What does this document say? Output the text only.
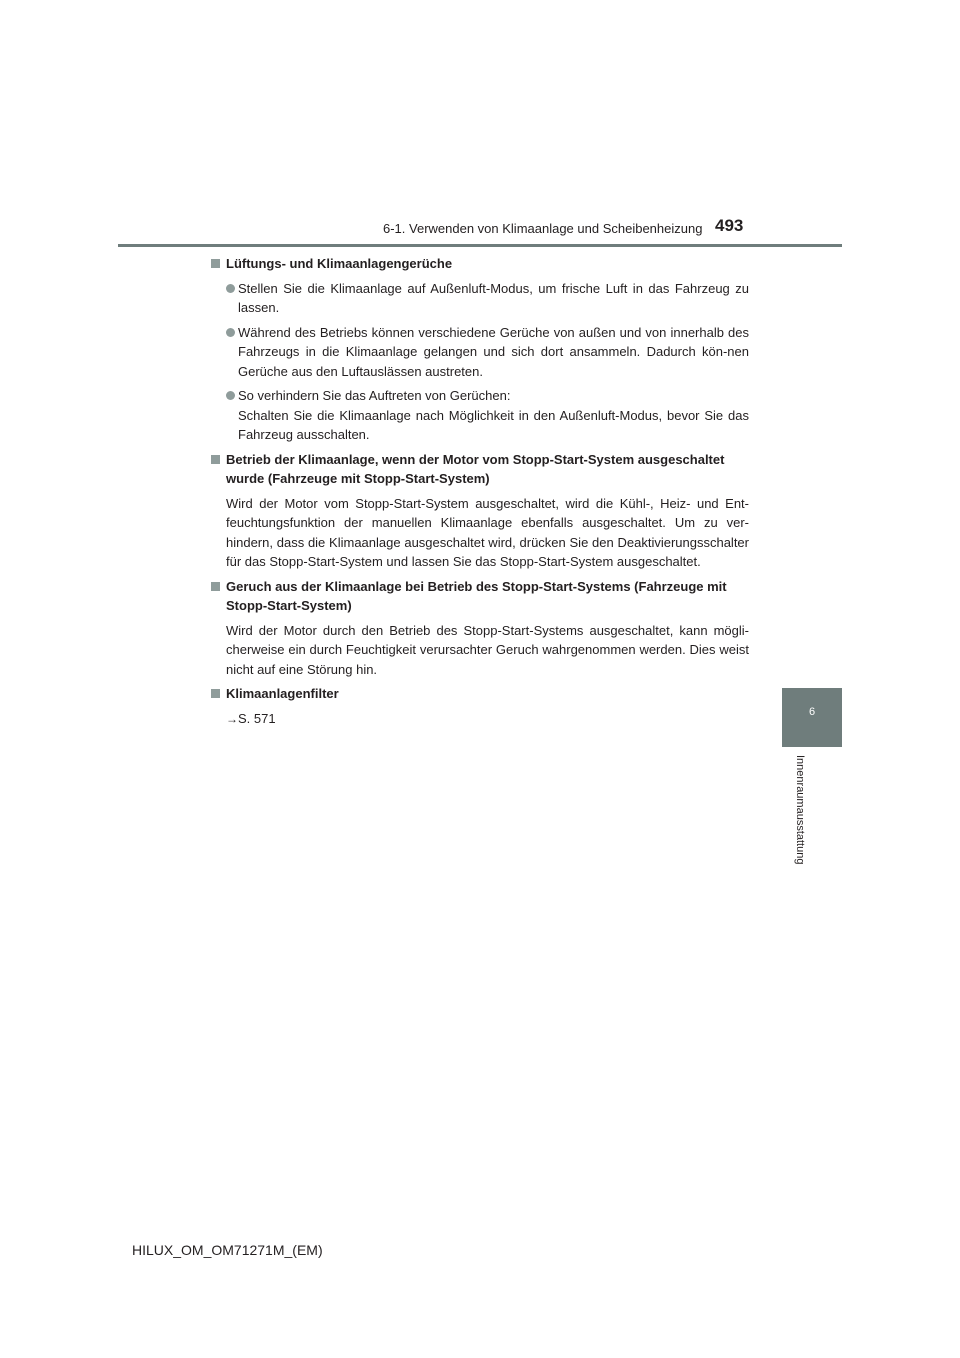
6-1. Verwenden von Klimaanlage und Scheibenheizung 493
6
Innenraumausstattung
Lüftungs- und Klimaanlagengerüche
Stellen Sie die Klimaanlage auf Außenluft-Modus, um frische Luft in das Fahrzeug zu lassen.
Während des Betriebs können verschiedene Gerüche von außen und von innerhalb des Fahrzeugs in die Klimaanlage gelangen und sich dort ansammeln. Dadurch kön-nen Gerüche aus den Luftauslässen austreten.
So verhindern Sie das Auftreten von Gerüchen:
Schalten Sie die Klimaanlage nach Möglichkeit in den Außenluft-Modus, bevor Sie das Fahrzeug ausschalten.
Betrieb der Klimaanlage, wenn der Motor vom Stopp-Start-System ausgeschaltet wurde (Fahrzeuge mit Stopp-Start-System)
Wird der Motor vom Stopp-Start-System ausgeschaltet, wird die Kühl-, Heiz- und Ent-feuchtungsfunktion der manuellen Klimaanlage ebenfalls ausgeschaltet. Um zu ver-hindern, dass die Klimaanlage ausgeschaltet wird, drücken Sie den Deaktivierungsschalter für das Stopp-Start-System und lassen Sie das Stopp-Start-System ausgeschaltet.
Geruch aus der Klimaanlage bei Betrieb des Stopp-Start-Systems (Fahrzeuge mit Stopp-Start-System)
Wird der Motor durch den Betrieb des Stopp-Start-Systems ausgeschaltet, kann mögli-cherweise ein durch Feuchtigkeit verursachter Geruch wahrgenommen werden. Dies weist nicht auf eine Störung hin.
Klimaanlagenfilter
→S. 571
HILUX_OM_OM71271M_(EM)
